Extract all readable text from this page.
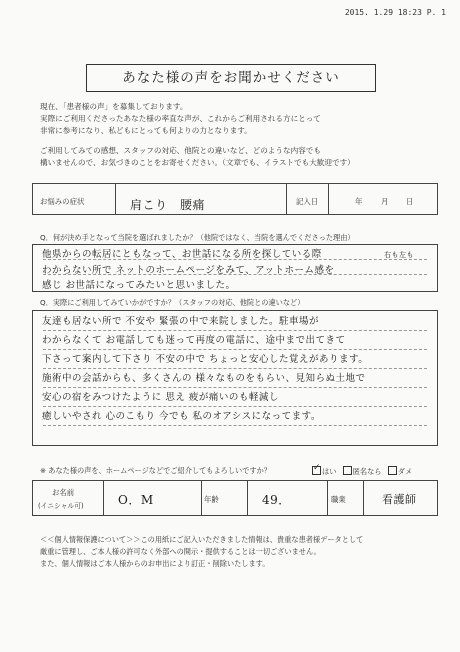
2015. 1.29 18:23 P. 1
あなた様の声をお聞かせください
現在、「患者様の声」を募集しております。
実際にご利用くださったあなた様の率直な声が、これからご利用される方にとって
非常に参考になり、私どもにとっても何よりの力となります。
ご利用してみての感想、スタッフの対応、他院との違いなど、どのような内容でも
構いませんので、お気づきのことをお寄せください。（文章でも、イラストでも大歓迎です）
お悩みの症状	肩こり　腰痛	記入日	年	月 日
Q．何が決め手となって当院を選ばれましたか？（他院ではなく、当院を選んでくださった理由）
他県からの転居にともなって、お世話になる所を探している際
わからない所で ネットのホームページをみて、アットホーム感を
感じ お世話になってみたいと思いました。
右も左も
Q．実際にご利用してみていかがですか？（スタッフの対応、他院との違いなど）
友達も居ない所で 不安や 緊張の中で来院しました。駐車場が
わからなくて お電話しても迷って再度の電話に、途中まで出てきて
下さって案内して下さり 不安の中で ちょっと安心した覚えがあります。
施術中の会話からも、多くさんの 様々なものをもらい、見知らぬ土地で
安心の宿をみつけたように 思え 疲が痛いのも軽減し
癒しいやされ 心のこもり 今でも 私のオアシスになってます。
※ あなた様の声を、ホームページなどでご紹介してもよろしいですか？
✓	はい 匿名なら ダメ
お名前
(イニシャル可)	O．M	年齢	49．	職業	看護師
＜＜個人情報保護について＞＞この用紙にご記入いただきました情報は、貴重な患者様データとして
厳重に管理し、ご本人様の許可なく外部への開示・提供することは一切ございません。
また、個人情報はご本人様からのお申出により訂正・削除いたします。
